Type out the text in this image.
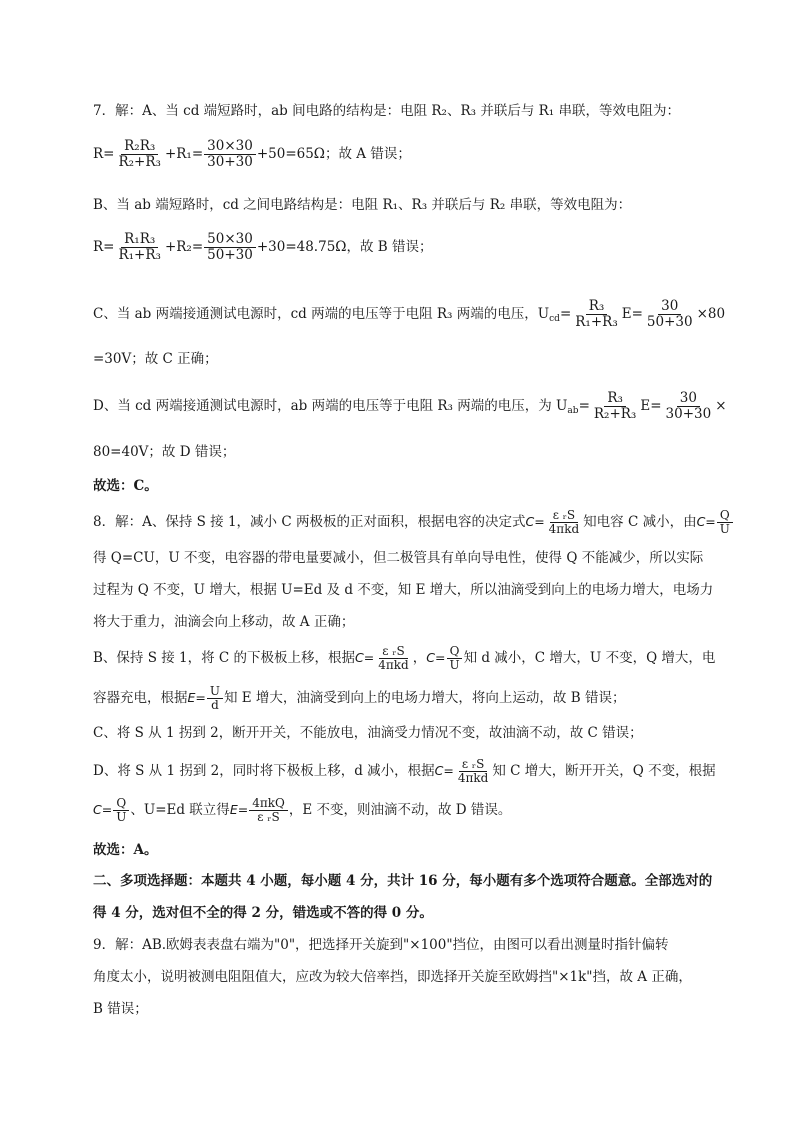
7．解：A、当 cd 端短路时，ab 间电路的结构是：电阻 R₂、R₃ 并联后与 R₁ 串联，等效电阻为：
$R= \frac{\text{R₂R₃}}{\text{R₂+R₃}} +R_1= \frac{30\times 30}{30+30} +50=65\Omega$；故 A 错误；
B、当 ab 端短路时，cd 之间电路结构是：电阻 R₁、R₃ 并联后与 R₂ 串联，等效电阻为：
$R= \frac{\text{R₁R₃}}{\text{R₁+R₃}} +R_2= \frac{50\times 30}{50+30} +30=48.75\Omega$，故 B 错误；
C、当 ab 两端接通测试电源时，cd 两端的电压等于电阻 R₃ 两端的电压，$U_{cd}= \frac{\text{R₃}}{\text{R₁+R₃}} E= \frac{30}{50+30} \times 80$
=30V；故 C 正确；
D、当 cd 两端接通测试电源时，ab 两端的电压等于电阻 R₃ 两端的电压，为 $U_{ab}= \frac{\text{R₃}}{\text{R₂+R₃}} E= \frac{30}{30+30}$ ×
80=40V；故 D 错误；
故选：C。
8．解：A、保持 S 接 1，减小 C 两极板的正对面积，根据电容的决定式C= ε ᵣS
4πkd 知电容 C 减小，由$C= \frac{Q}{U}$
得 Q=CU，U 不变，电容器的带电量要减小，但二极管具有单向导电性，使得 Q 不能减少，所以实际
过程为 Q 不变，U 增大，根据 U=Ed 及 d 不变，知 E 增大，所以油滴受到向上的电场力增大，电场力
将大于重力，油滴会向上移动，故 A 正确；
B、保持 S 接 1，将 C 的下极板上移，根据C= ε ᵣS
4πkd ，$C= \frac{Q}{U}$ 知 d 减小，C 增大，U 不变，Q 增大，电
容器充电，根据$E= \frac{U}{d}$ 知 E 增大，油滴受到向上的电场力增大，将向上运动，故 B 错误；
C、将 S 从 1 拐到 2，断开开关，不能放电，油滴受力情况不变，故油滴不动，故 C 错误；
D、将 S 从 1 拐到 2，同时将下极板上移，d 减小，根据C= ε ᵣS
4πkd 知 C 增大，断开开关，Q 不变，根据
$C= \frac{Q}{U}$ 、U=Ed 联立得E= 4πkQ
ε ᵣS ，E 不变，则油滴不动，故 D 错误。
故选：A。
二、多项选择题：本题共 4 小题，每小题 4 分，共计 16 分，每小题有多个选项符合题意。全部选对的
得 4 分，选对但不全的得 2 分，错选或不答的得 0 分。
9．解：AB.欧姆表表盘右端为"0"，把选择开关旋到"×100"挡位，由图可以看出测量时指针偏转
角度太小，说明被测电阻阻值大，应改为较大倍率挡，即选择开关旋至欧姆挡"×1k"挡，故 A 正确，
B 错误；
